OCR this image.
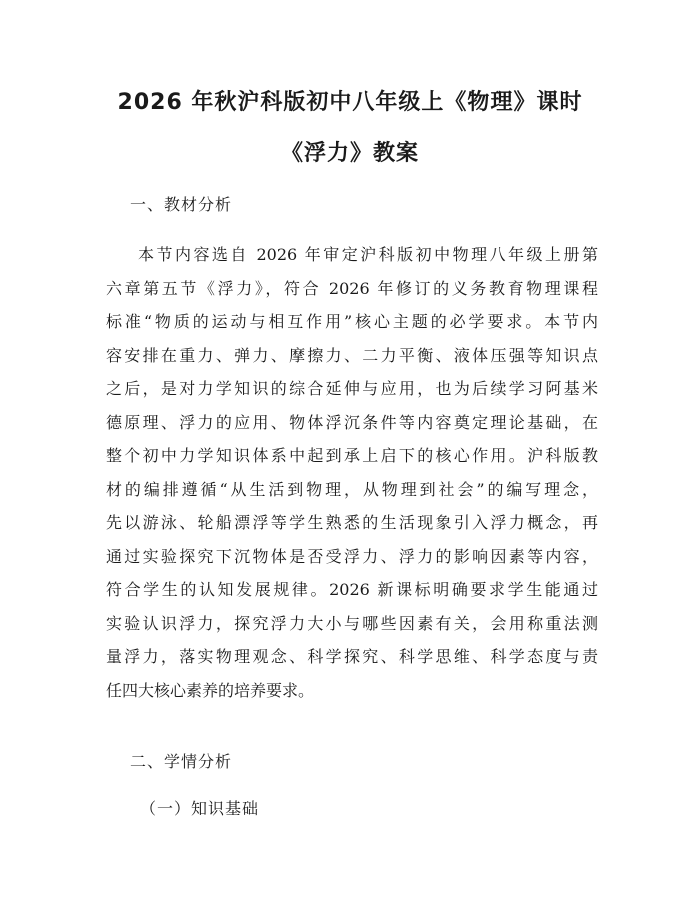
2026 年秋沪科版初中八年级上《物理》课时
《浮力》教案
一、教材分析
本节内容选自 2026 年审定沪科版初中物理八年级上册第
六章第五节《浮力》，符合 2026 年修订的义务教育物理课程
标准“物质的运动与相互作用”核心主题的必学要求。本节内
容安排在重力、弹力、摩擦力、二力平衡、液体压强等知识点
之后，是对力学知识的综合延伸与应用，也为后续学习阿基米
德原理、浮力的应用、物体浮沉条件等内容奠定理论基础，在
整个初中力学知识体系中起到承上启下的核心作用。沪科版教
材的编排遵循“从生活到物理，从物理到社会”的编写理念，
先以游泳、轮船漂浮等学生熟悉的生活现象引入浮力概念，再
通过实验探究下沉物体是否受浮力、浮力的影响因素等内容，
符合学生的认知发展规律。2026 新课标明确要求学生能通过
实验认识浮力，探究浮力大小与哪些因素有关，会用称重法测
量浮力，落实物理观念、科学探究、科学思维、科学态度与责
任四大核心素养的培养要求。
二、学情分析
（一）知识基础
